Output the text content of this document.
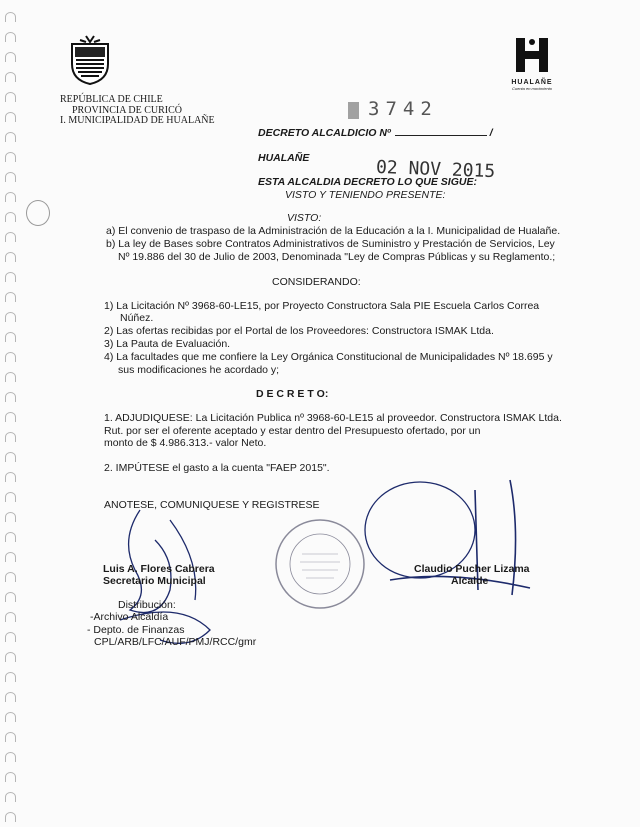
REPÚBLICA DE CHILE
PROVINCIA DE CURICÓ
I. MUNICIPALIDAD DE HUALAÑE
HUALAÑE
Cuenta en movimiento
3742
DECRETO ALCALDICIO Nº	/
HUALAÑE	02 NOV 2015
ESTA ALCALDIA DECRETO LO QUE SIGUE:
VISTO Y TENIENDO PRESENTE:
VISTO:
a) El convenio de traspaso de la Administración de la Educación a la I. Municipalidad de Hualañe.
b) La ley de Bases sobre Contratos Administrativos de Suministro y Prestación de Servicios, Ley
Nº 19.886 del 30 de Julio de 2003, Denominada "Ley de Compras Públicas y su Reglamento.;
CONSIDERANDO:
1) La Licitación Nº 3968-60-LE15, por Proyecto Constructora Sala PIE Escuela Carlos Correa
Núñez.
2) Las ofertas recibidas por el Portal de los Proveedores: Constructora ISMAK Ltda.
3) La Pauta de Evaluación.
4) La facultades que me confiere la Ley Orgánica Constitucional de Municipalidades Nº 18.695 y
sus modificaciones he acordado y;
D E C R E T O:
1. ADJUDIQUESE: La Licitación Publica nº 3968-60-LE15 al proveedor. Constructora ISMAK Ltda.
Rut. por ser el oferente aceptado y estar dentro del Presupuesto ofertado, por un
monto de $ 4.986.313.- valor Neto.
2. IMPÚTESE el gasto a la cuenta "FAEP 2015".
ANOTESE, COMUNIQUESE Y REGISTRESE
Luis A. Flores Cabrera
Secretario Municipal
Claudio Pucher Lizama
Alcalde
Distribución:
-Archivo Alcaldía
- Depto. de Finanzas
CPL/ARB/LFC/AUF/PMJ/RCC/gmr
